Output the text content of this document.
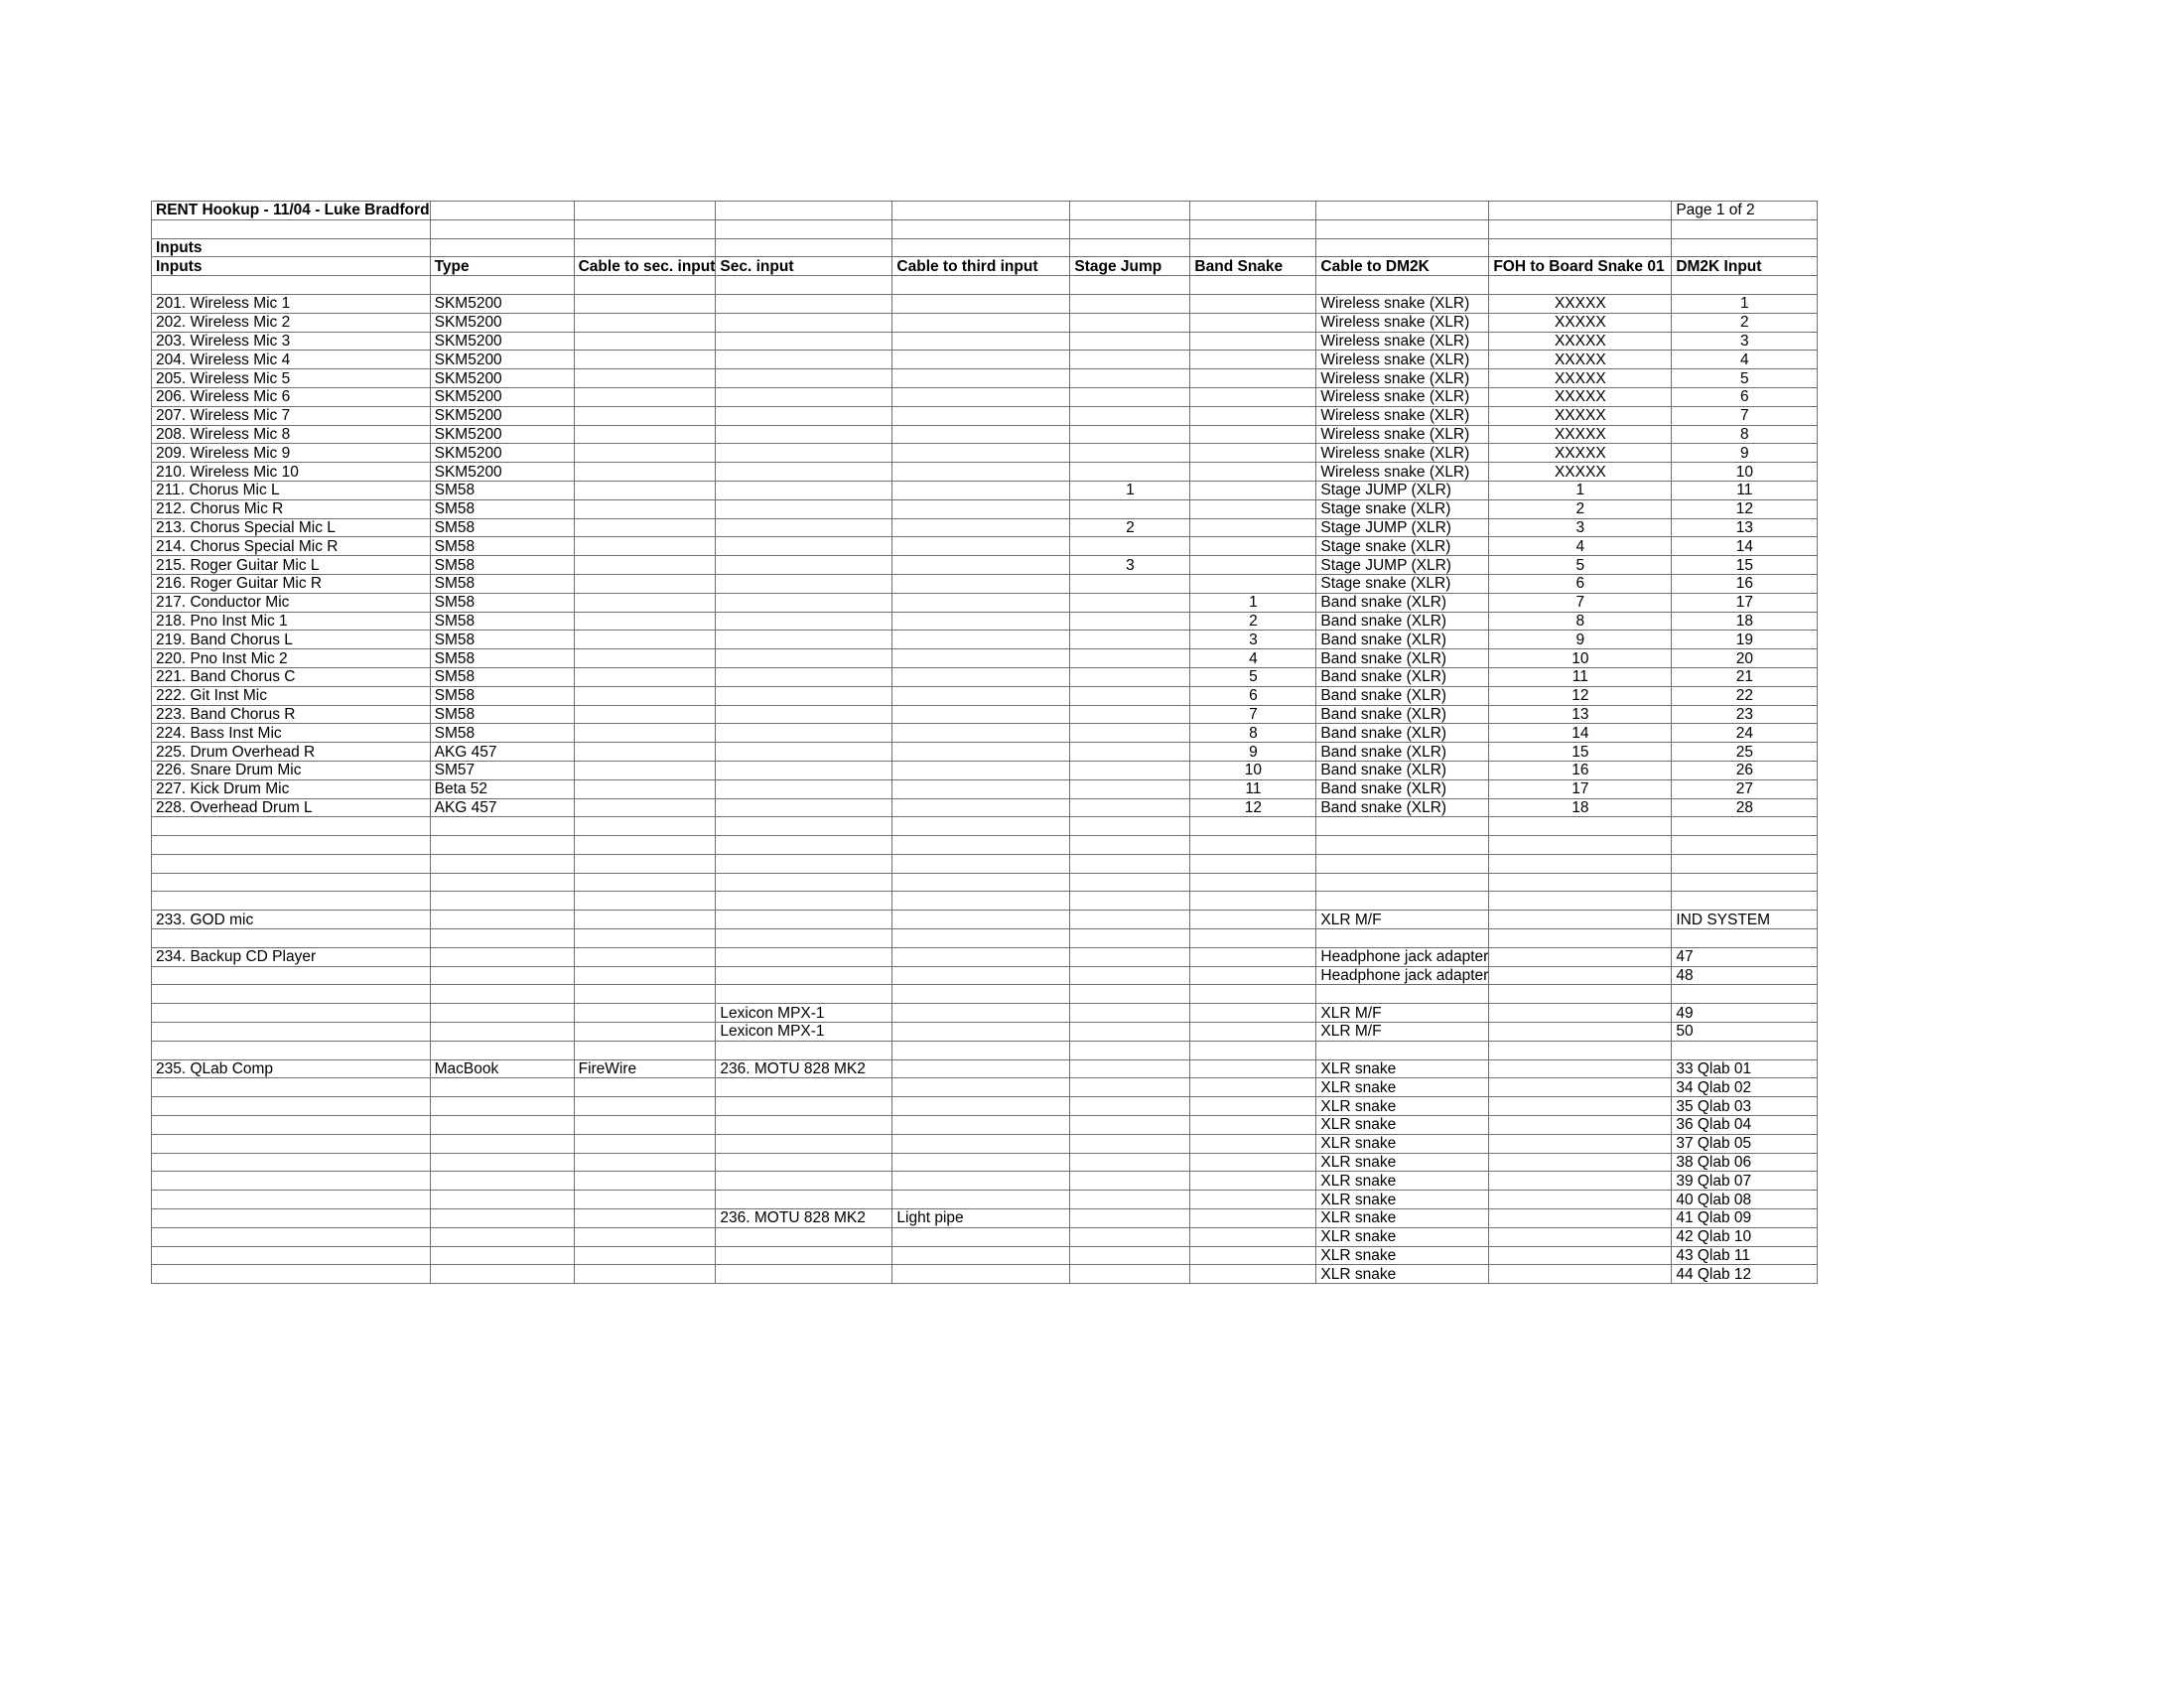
RENT Hookup - 11/04 - Luke Bradford									Page 1 of 2

Inputs									
Inputs	Type	Cable to sec. input	Sec. input	Cable to third input	Stage Jump	Band Snake	Cable to DM2K	FOH to Board Snake 01	DM2K Input

201. Wireless Mic 1	SKM5200						Wireless snake (XLR)	XXXXX	1
202. Wireless Mic 2	SKM5200						Wireless snake (XLR)	XXXXX	2
203. Wireless Mic 3	SKM5200						Wireless snake (XLR)	XXXXX	3
204. Wireless Mic 4	SKM5200						Wireless snake (XLR)	XXXXX	4
205. Wireless Mic 5	SKM5200						Wireless snake (XLR)	XXXXX	5
206. Wireless Mic 6	SKM5200						Wireless snake (XLR)	XXXXX	6
207. Wireless Mic 7	SKM5200						Wireless snake (XLR)	XXXXX	7
208. Wireless Mic 8	SKM5200						Wireless snake (XLR)	XXXXX	8
209. Wireless Mic 9	SKM5200						Wireless snake (XLR)	XXXXX	9
210. Wireless Mic 10	SKM5200						Wireless snake (XLR)	XXXXX	10
211. Chorus Mic L	SM58				1		Stage JUMP (XLR)	1	11
212. Chorus Mic R	SM58						Stage snake (XLR)	2	12
213. Chorus Special Mic L	SM58				2		Stage JUMP (XLR)	3	13
214. Chorus Special Mic R	SM58						Stage snake (XLR)	4	14
215. Roger Guitar Mic L	SM58				3		Stage JUMP (XLR)	5	15
216. Roger Guitar Mic R	SM58						Stage snake (XLR)	6	16
217. Conductor Mic	SM58					1	Band snake (XLR)	7	17
218. Pno Inst Mic 1	SM58					2	Band snake (XLR)	8	18
219. Band Chorus L	SM58					3	Band snake (XLR)	9	19
220. Pno Inst Mic 2	SM58					4	Band snake (XLR)	10	20
221. Band Chorus C	SM58					5	Band snake (XLR)	11	21
222. Git Inst Mic	SM58					6	Band snake (XLR)	12	22
223. Band Chorus R	SM58					7	Band snake (XLR)	13	23
224. Bass Inst Mic	SM58					8	Band snake (XLR)	14	24
225. Drum Overhead R	AKG 457					9	Band snake (XLR)	15	25
226. Snare Drum Mic	SM57					10	Band snake (XLR)	16	26
227. Kick Drum Mic	Beta 52					11	Band snake (XLR)	17	27
228. Overhead Drum L	AKG 457					12	Band snake (XLR)	18	28

233. GOD mic							XLR M/F		IND SYSTEM

234. Backup CD Player							Headphone jack adapter		47
							Headphone jack adapter		48

			Lexicon MPX-1				XLR M/F		49
			Lexicon MPX-1				XLR M/F		50

235. QLab Comp	MacBook	FireWire	236. MOTU 828 MK2				XLR snake		33 Qlab 01
							XLR snake		34 Qlab 02
							XLR snake		35 Qlab 03
							XLR snake		36 Qlab 04
							XLR snake		37 Qlab 05
							XLR snake		38 Qlab 06
							XLR snake		39 Qlab 07
							XLR snake		40 Qlab 08
			236. MOTU 828 MK2	Light pipe			XLR snake		41 Qlab 09
							XLR snake		42 Qlab 10
							XLR snake		43 Qlab 11
							XLR snake		44 Qlab 12
